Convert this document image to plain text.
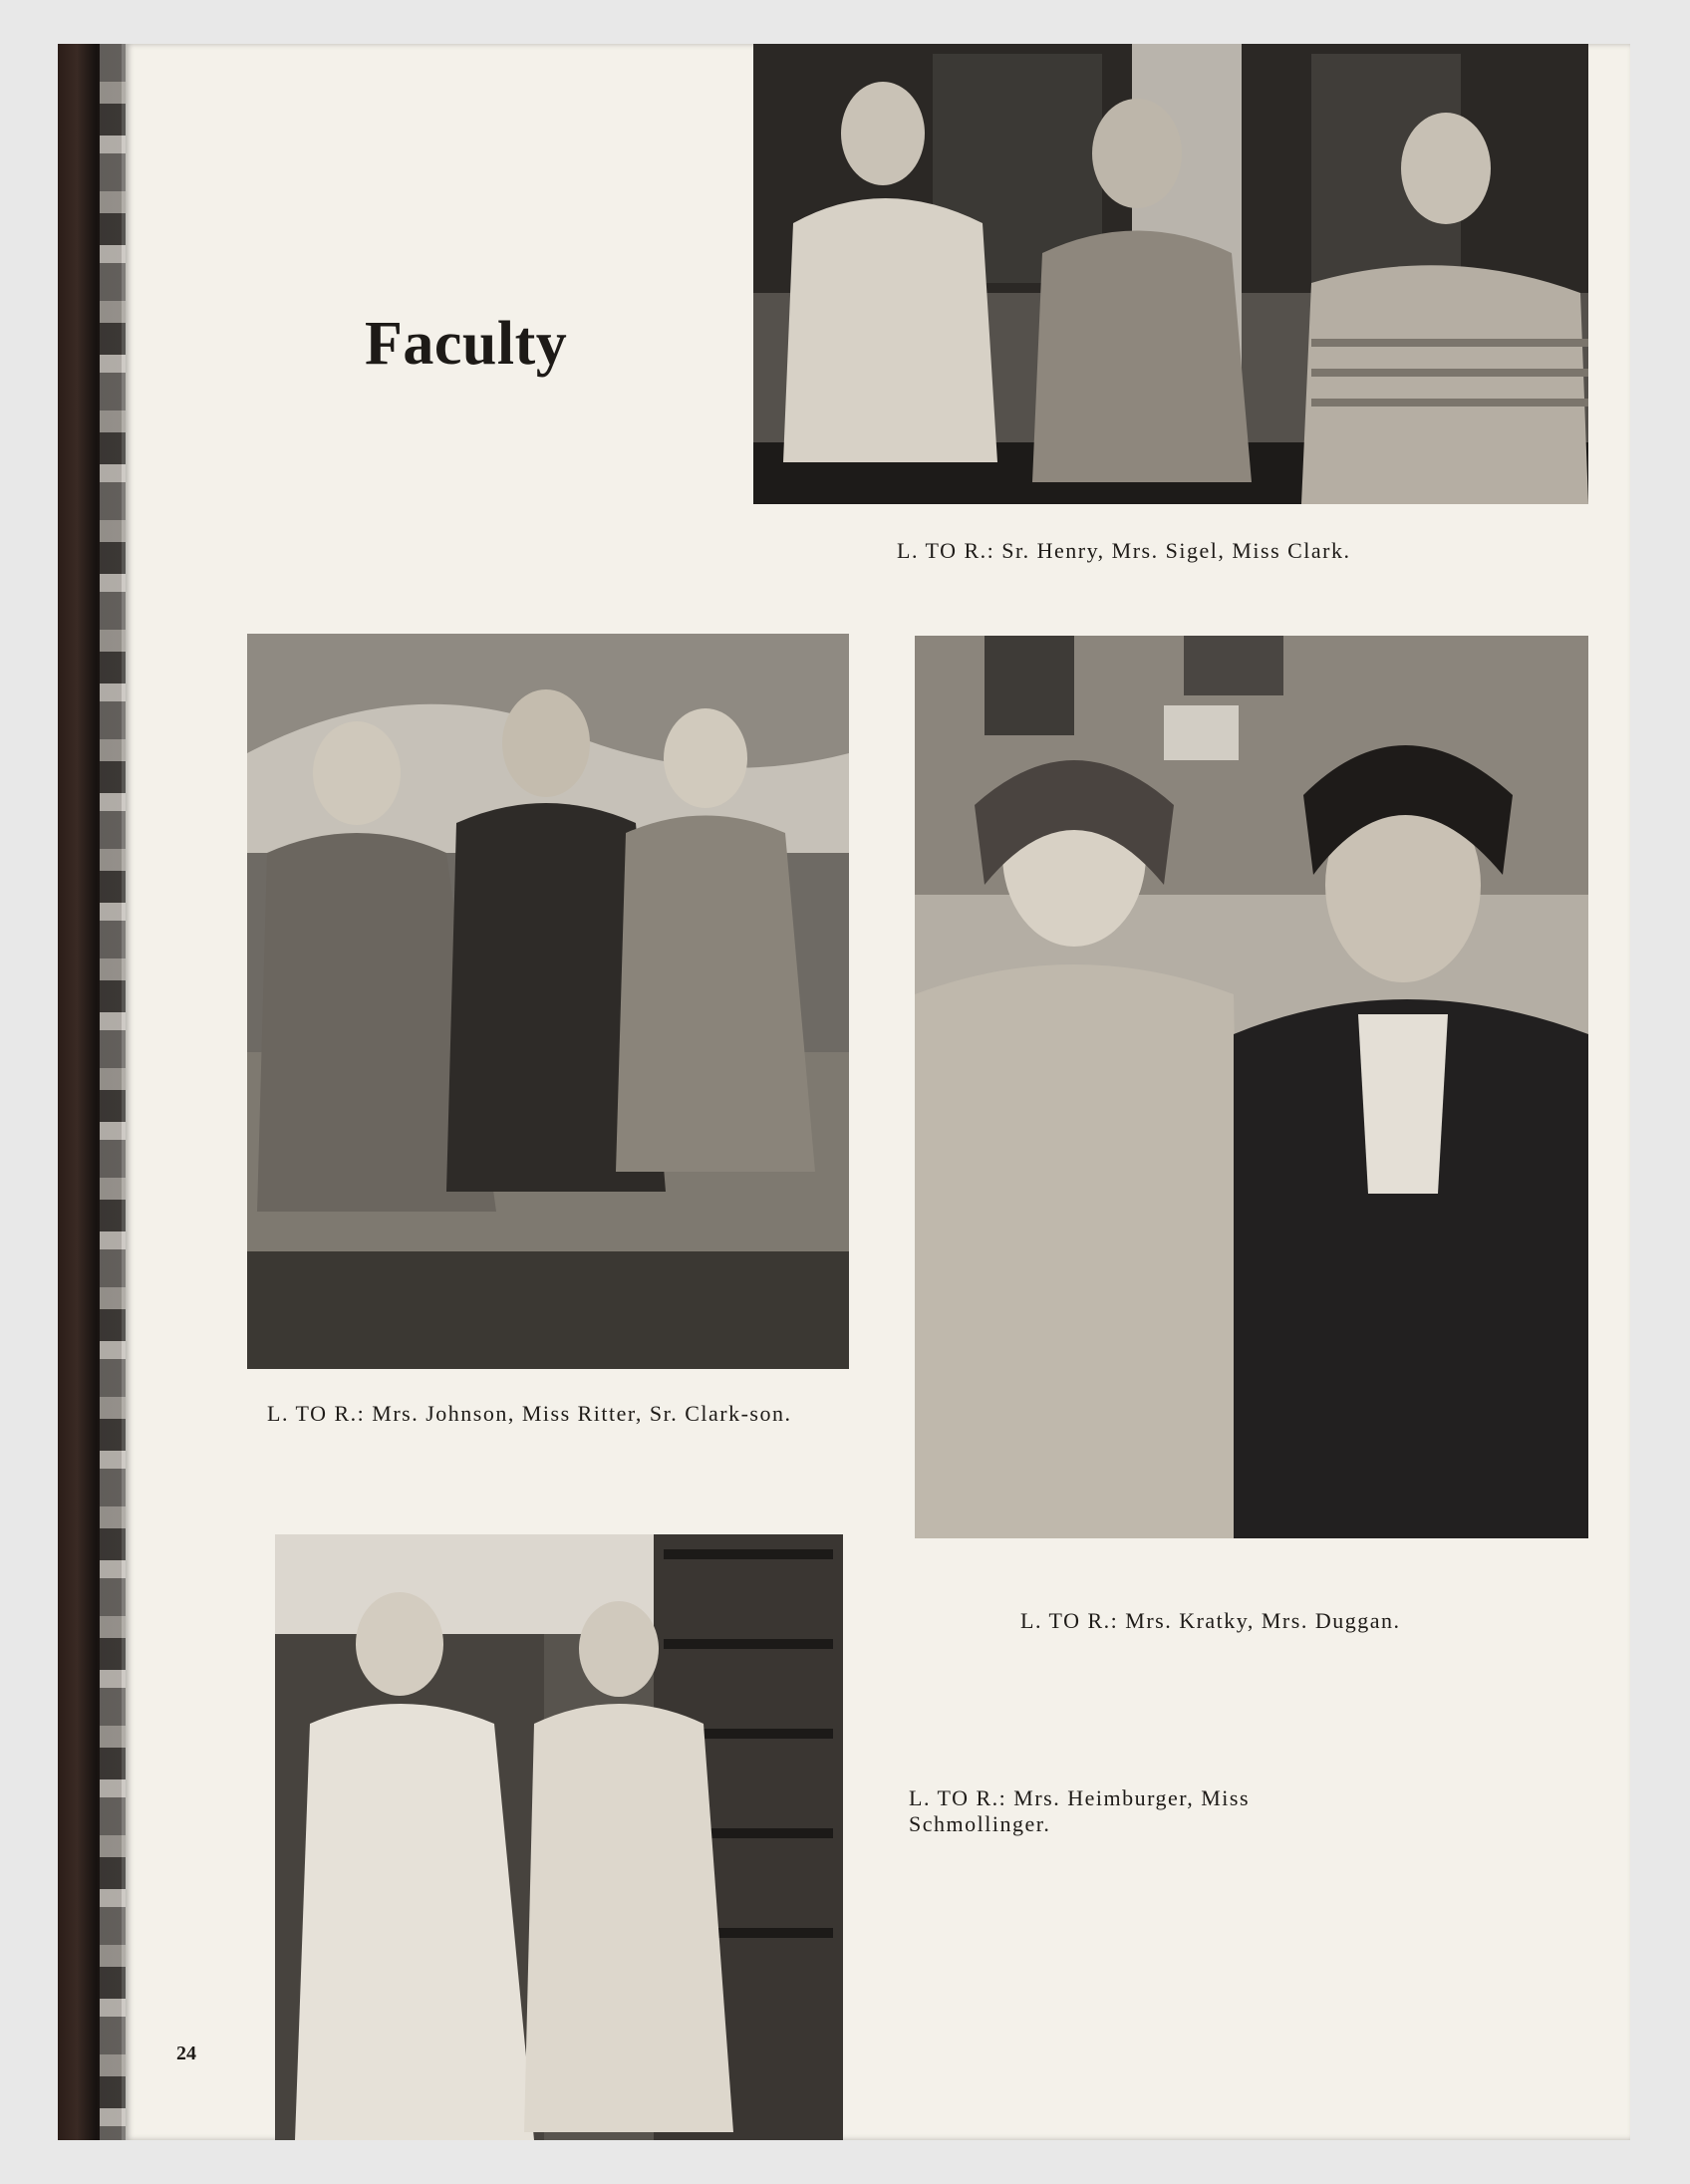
Faculty
L. TO R.: Sr. Henry, Mrs. Sigel, Miss Clark.
L. TO R.: Mrs. Johnson, Miss Ritter, Sr. Clark-son.
L. TO R.: Mrs. Kratky, Mrs. Duggan.
L. TO R.: Mrs. Heimburger, Miss Schmollinger.
24
